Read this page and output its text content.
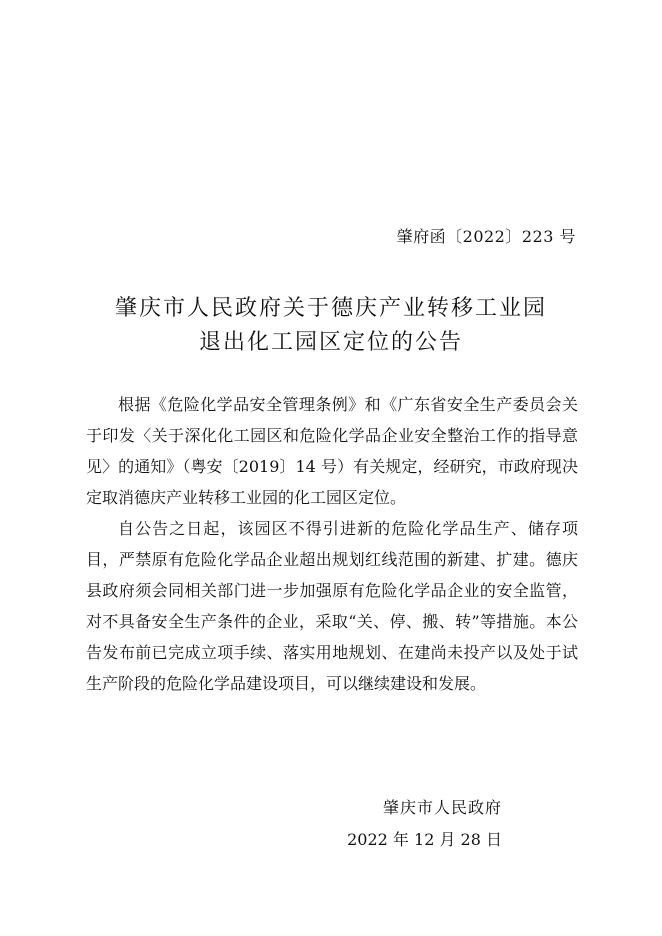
肇府函〔2022〕223 号
肇庆市人民政府关于德庆产业转移工业园
退出化工园区定位的公告

根据《危险化学品安全管理条例》和《广东省安全生产委员会关于印发〈关于深化化工园区和危险化学品企业安全整治工作的指导意见〉的通知》（粤安〔2019〕14 号）有关规定，经研究，市政府现决定取消德庆产业转移工业园的化工园区定位。

自公告之日起，该园区不得引进新的危险化学品生产、储存项目，严禁原有危险化学品企业超出规划红线范围的新建、扩建。德庆县政府须会同相关部门进一步加强原有危险化学品企业的安全监管，对不具备安全生产条件的企业，采取“关、停、搬、转”等措施。本公告发布前已完成立项手续、落实用地规划、在建尚未投产以及处于试生产阶段的危险化学品建设项目，可以继续建设和发展。

肇庆市人民政府
2022 年 12 月 28 日
